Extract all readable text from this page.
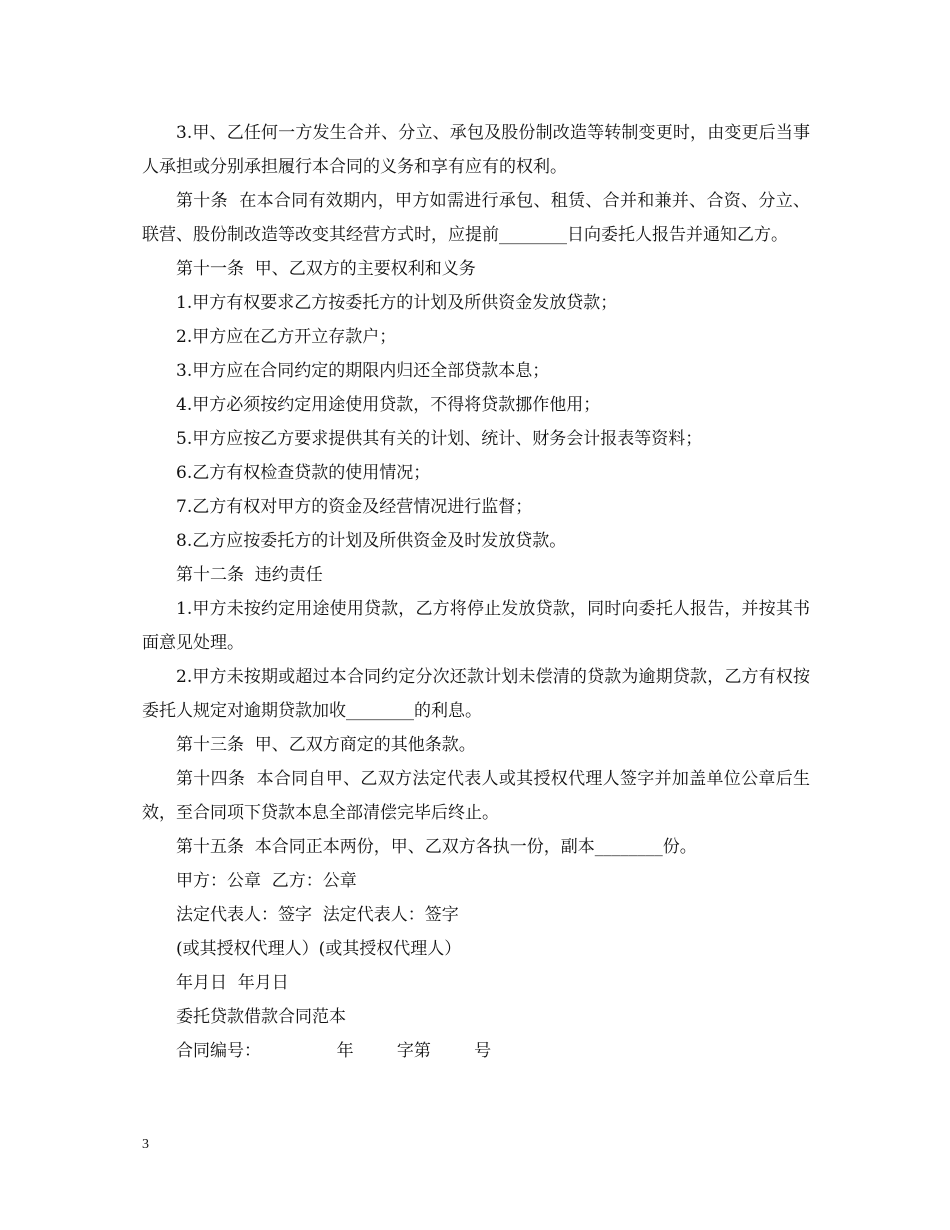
3.甲、乙任何一方发生合并、分立、承包及股份制改造等转制变更时，由变更后当事人承担或分别承担履行本合同的义务和享有应有的权利。

第十条  在本合同有效期内，甲方如需进行承包、租赁、合并和兼并、合资、分立、联营、股份制改造等改变其经营方式时，应提前________日向委托人报告并通知乙方。

第十一条  甲、乙双方的主要权利和义务

1.甲方有权要求乙方按委托方的计划及所供资金发放贷款；

2.甲方应在乙方开立存款户；

3.甲方应在合同约定的期限内归还全部贷款本息；

4.甲方必须按约定用途使用贷款，不得将贷款挪作他用；

5.甲方应按乙方要求提供其有关的计划、统计、财务会计报表等资料；

6.乙方有权检查贷款的使用情况；

7.乙方有权对甲方的资金及经营情况进行监督；

8.乙方应按委托方的计划及所供资金及时发放贷款。

第十二条  违约责任

1.甲方未按约定用途使用贷款，乙方将停止发放贷款，同时向委托人报告，并按其书面意见处理。

2.甲方未按期或超过本合同约定分次还款计划未偿清的贷款为逾期贷款，乙方有权按委托人规定对逾期贷款加收________的利息。

第十三条  甲、乙双方商定的其他条款。

第十四条  本合同自甲、乙双方法定代表人或其授权代理人签字并加盖单位公章后生效，至合同项下贷款本息全部清偿完毕后终止。

第十五条  本合同正本两份，甲、乙双方各执一份，副本________份。

甲方：公章  乙方：公章

法定代表人：签字  法定代表人：签字

(或其授权代理人）(或其授权代理人）

年月日  年月日

委托贷款借款合同范本

合同编号：              年        字第        号

3
